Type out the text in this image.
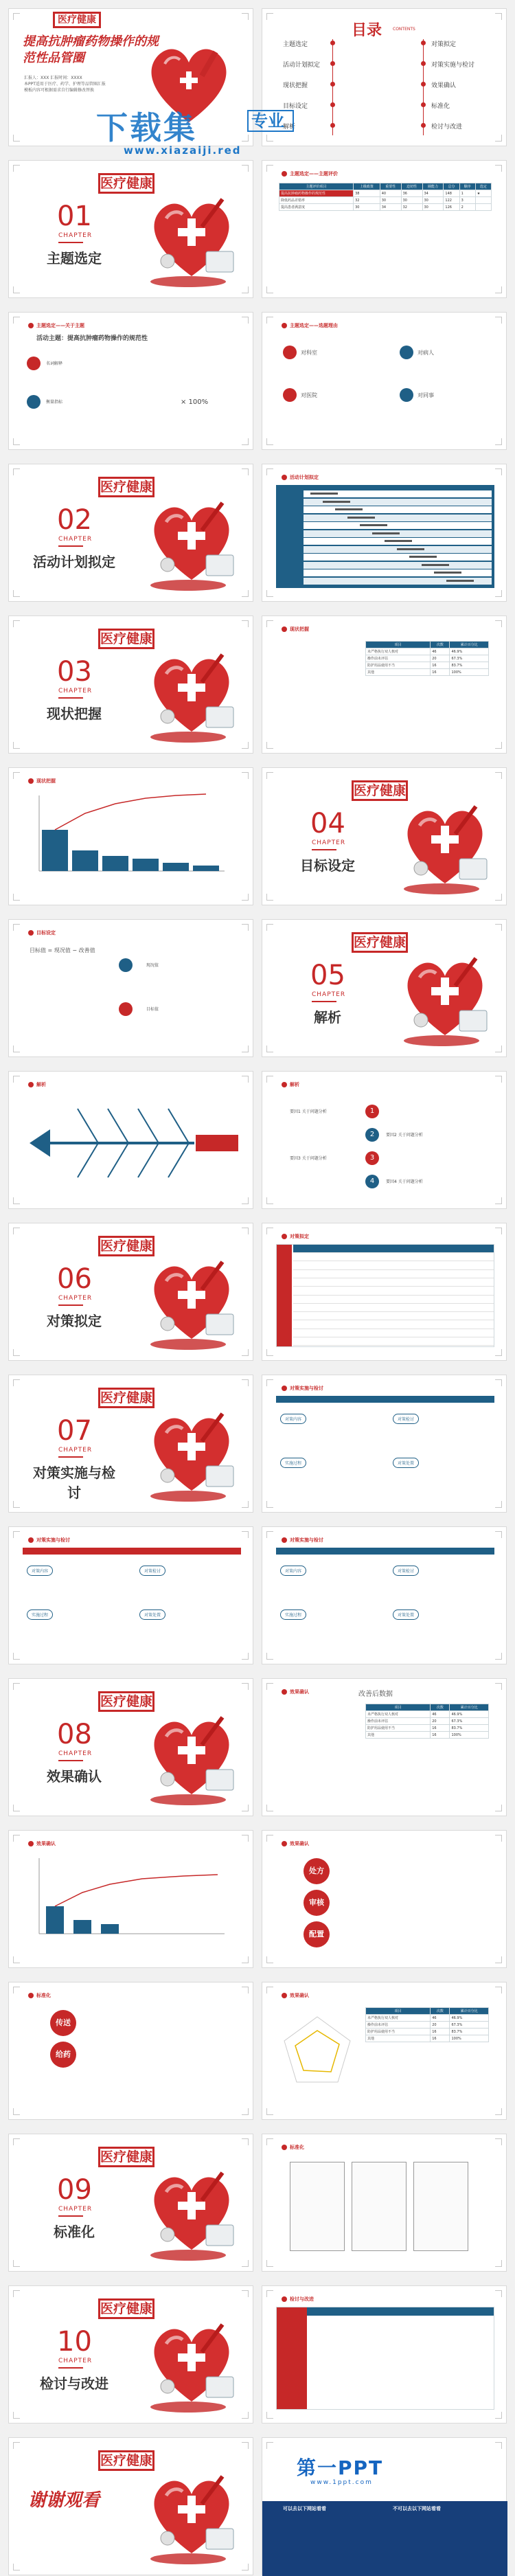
提高抗肿瘤药物操作的规范性品管圈
汇报人：XXX 汇报时间：XXXX
本PPT适用于医疗、药学、护理等品管圈汇报
模板内容可根据需求自行编辑修改替换
医疗健康
目录	CONTENTS
主题选定
活动计划拟定
现状把握
目标设定
解析
对策拟定
对策实施与检讨
效果确认
标准化
检讨与改进
下载集	专业
www.xiazaiji.red
主题选定——主题评价
主题评价项目	上级政策	重要性	迫切性	圈能力	总分	顺序	选定
提高抗肿瘤药物操作的规范性	38	40	36	34	148	1	★
降低药品差错率	32	30	30	30	122	3	
提高患者满意度	30	34	32	30	126	2	
01
CHAPTER
主题选定
医疗健康
主题选定——关于主题
活动主题：提高抗肿瘤药物操作的规范性
名词解释
衡量指标	× 100%
主题选定——选题理由
对科室	对病人
对医院	对同事
02
CHAPTER
活动计划拟定
医疗健康
活动计划拟定
03
CHAPTER
现状把握
医疗健康
现状把握
项目	次数	累计百分比
未严格执行双人核对	46	46.9%
操作前未评估	20	67.3%
防护用品使用不当	16	83.7%
其他	16	100%
现状把握
04
CHAPTER
目标设定
医疗健康
目标设定
目标值 = 现况值 − 改善值
现况值
目标值
05
CHAPTER
解析
医疗健康
解析	解析
1
要因1 关于问题分析
2	要因2 关于问题分析
3
要因3 关于问题分析
4	要因4 关于问题分析
06
CHAPTER
对策拟定
医疗健康
对策拟定
07
CHAPTER
对策实施与检讨
医疗健康
对策实施与检讨
对策内容	对策检讨
实施过程	对策处置
对策实施与检讨
对策内容	对策检讨
实施过程	对策处置
对策实施与检讨
对策内容	对策检讨
实施过程	对策处置
08
CHAPTER
效果确认
医疗健康
效果确认	改善后数据
项目	次数	累计百分比
未严格执行双人核对	46	46.9%
操作前未评估	20	67.3%
防护用品使用不当	16	83.7%
其他	16	100%
效果确认	效果确认
处方
审核
配置
标准化
传送
给药
效果确认
项目	次数	累计百分比
未严格执行双人核对	46	46.9%
操作前未评估	20	67.3%
防护用品使用不当	16	83.7%
其他	16	100%
09
CHAPTER
标准化
医疗健康
标准化
10
CHAPTER
检讨与改进
医疗健康
检讨与改进
谢谢观看
医疗健康	第一PPT
www.1ppt.com
可以去以下网站看看	不可以去以下网站看看
